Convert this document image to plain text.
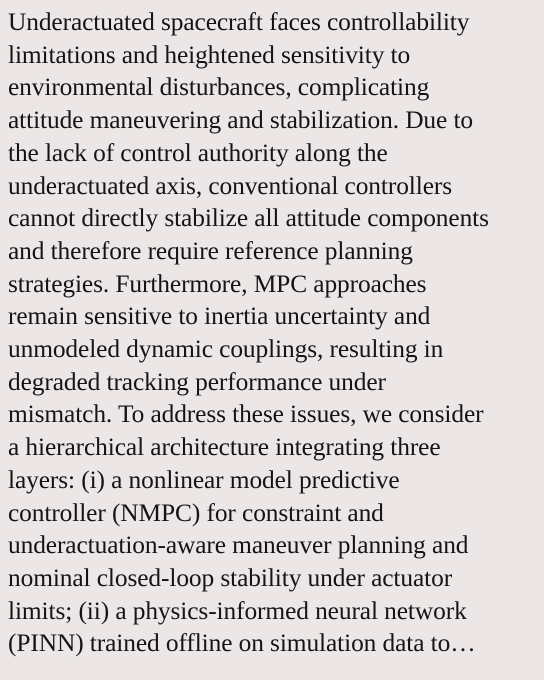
Underactuated spacecraft faces controllability
limitations and heightened sensitivity to
environmental disturbances, complicating
attitude maneuvering and stabilization. Due to
the lack of control authority along the
underactuated axis, conventional controllers
cannot directly stabilize all attitude components
and therefore require reference planning
strategies. Furthermore, MPC approaches
remain sensitive to inertia uncertainty and
unmodeled dynamic couplings, resulting in
degraded tracking performance under
mismatch. To address these issues, we consider
a hierarchical architecture integrating three
layers: (i) a nonlinear model predictive
controller (NMPC) for constraint and
underactuation-aware maneuver planning and
nominal closed-loop stability under actuator
limits; (ii) a physics-informed neural network
(PINN) trained offline on simulation data to…
